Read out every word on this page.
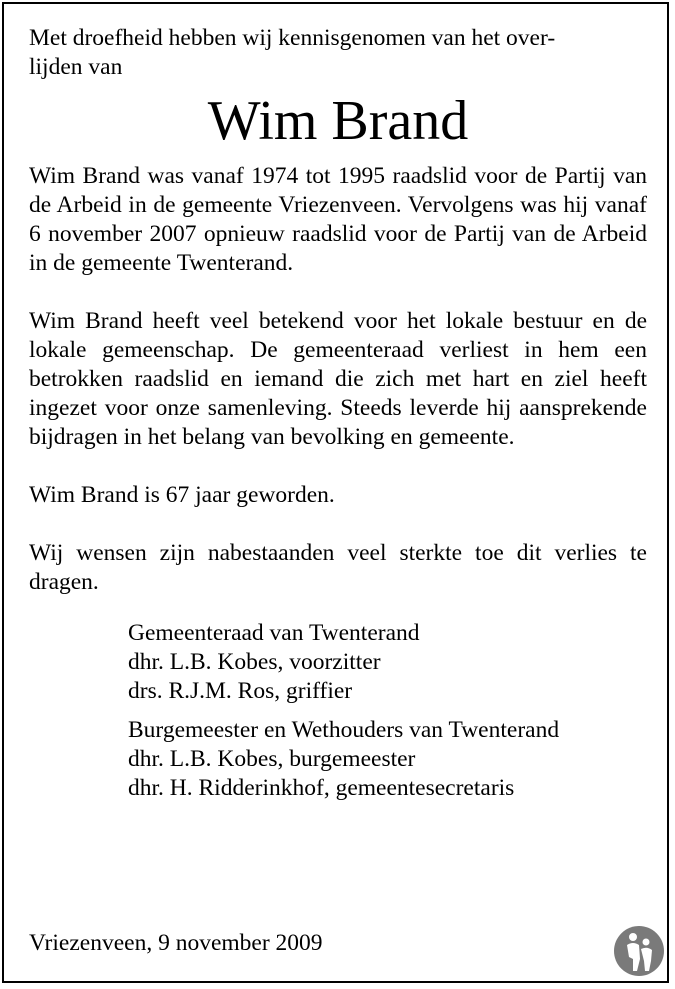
Met droefheid hebben wij kennisgenomen van het over-
lijden van

Wim Brand

Wim Brand was vanaf 1974 tot 1995 raadslid voor de Partij van de Arbeid in de gemeente Vriezenveen. Vervolgens was hij vanaf 6 november 2007 opnieuw raadslid voor de Partij van de Arbeid in de gemeente Twenterand.

Wim Brand heeft veel betekend voor het lokale bestuur en de lokale gemeenschap. De gemeenteraad verliest in hem een betrokken raadslid en iemand die zich met hart en ziel heeft ingezet voor onze samenleving. Steeds leverde hij aansprekende bijdragen in het belang van bevolking en gemeente.

Wim Brand is 67 jaar geworden.

Wij wensen zijn nabestaanden veel sterkte toe dit verlies te dragen.

Gemeenteraad van Twenterand
dhr. L.B. Kobes, voorzitter
drs. R.J.M. Ros, griffier
Burgemeester en Wethouders van Twenterand
dhr. L.B. Kobes, burgemeester
dhr. H. Ridderinkhof, gemeentesecretaris
Vriezenveen, 9 november 2009
